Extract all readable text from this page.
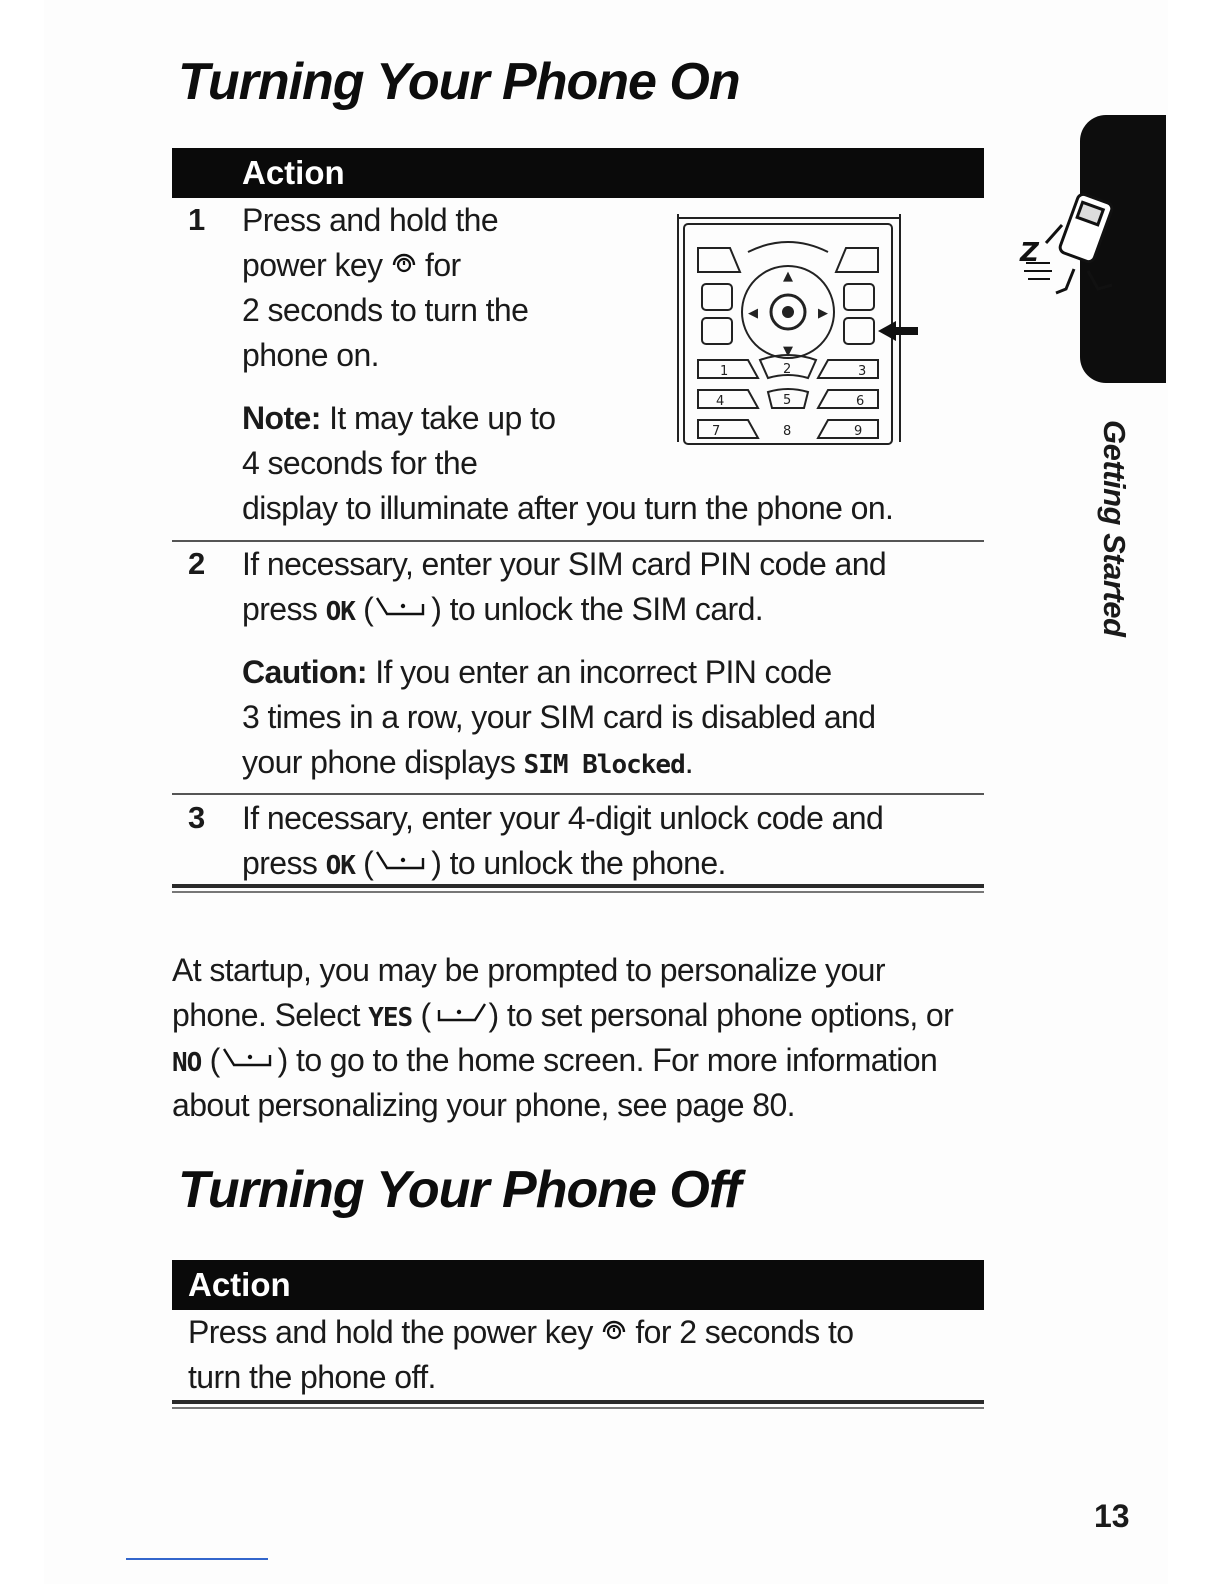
Turning Your Phone On
Action
1 Press and hold the

power key for

2 seconds to turn the

phone on.

Note: It may take up to

4 seconds for the

display to illuminate after you turn the phone on.

1	2	3
4	5	6
7	8	9
▲
▼
◀	▶
2 If necessary, enter your SIM card PIN code and

press OK ( ) to unlock the SIM card.

Caution: If you enter an incorrect PIN code

3 times in a row, your SIM card is disabled and

your phone displays SIM Blocked.

3 If necessary, enter your 4-digit unlock code and

press OK ( ) to unlock the phone.

At startup, you may be prompted to personalize your

phone. Select YES ( ) to set personal phone options, or

NO ( ) to go to the home screen. For more information

about personalizing your phone, see page 80.

Turning Your Phone Off
Action

Press and hold the power key for 2 seconds to

turn the phone off.

Z
Getting Started
13
